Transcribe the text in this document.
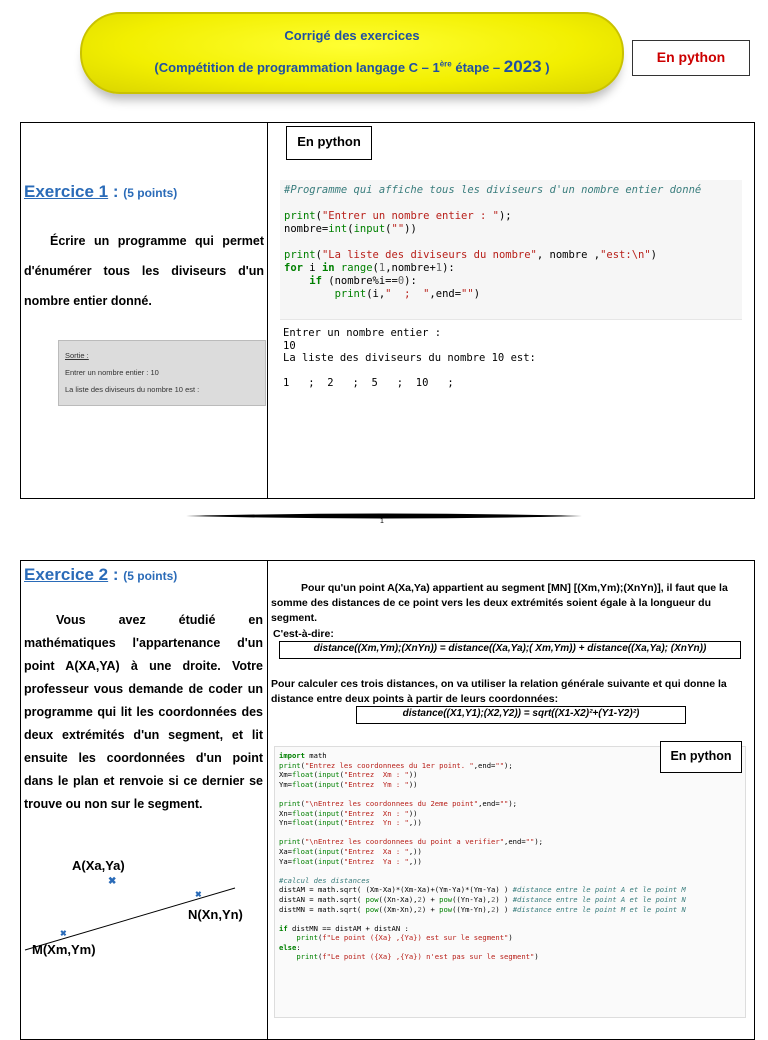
Corrigé des exercices
(Compétition de programmation langage C – 1ère étape – 2023 )
En python
Exercice 1 : (5 points)
Écrire un programme qui permet d'énumérer tous les diviseurs d'un nombre entier donné.
Sortie :
Entrer un nombre entier : 10
La liste des diviseurs du nombre 10 est :
En python
#Programme qui affiche tous les diviseurs d'un nombre entier donné

print("Entrer un nombre entier : ");
nombre=int(input(""))

print("La liste des diviseurs du nombre", nombre ,"est:\n")
for i in range(1,nombre+1):
if (nombre%i==0):
print(i,"  ;  ",end="")
Entrer un nombre entier :
10
La liste des diviseurs du nombre 10 est:

1   ;  2   ;  5   ;  10   ;
1
Exercice 2 : (5 points)
Vous avez étudié en mathématiques l'appartenance d'un point A(XA,YA) à une droite. Votre professeur vous demande de coder un programme qui lit les coordonnées des deux extrémités d'un segment, et lit ensuite les coordonnées d'un point dans le plan et renvoie si ce dernier se trouve ou non sur le segment.
Pour qu'un point A(Xa,Ya) appartient au segment [MN] [(Xm,Ym);(XnYn)], il faut que la somme des distances de ce point vers les deux extrémités soient égale à la longueur du segment.
C'est-à-dire:
distance((Xm,Ym);(XnYn)) = distance((Xa,Ya);( Xm,Ym)) + distance((Xa,Ya); (XnYn))
Pour calculer ces trois distances, on va utiliser la relation générale suivante et qui donne la distance entre deux points à partir de leurs coordonnées:
distance((X1,Y1);(X2,Y2)) = sqrt((X1-X2)²+(Y1-Y2)²)
import math
print("Entrez les coordonnees du 1er point. ",end="");
Xm=float(input("Entrez  Xm : "))
Ym=float(input("Entrez  Ym : "))

print("\nEntrez les coordonnees du 2eme point",end="");
Xn=float(input("Entrez  Xn : "))
Yn=float(input("Entrez  Yn : ",))

print("\nEntrez les coordonnees du point a verifier",end="");
Xa=float(input("Entrez  Xa : ",))
Ya=float(input("Entrez  Ya : ",))

#calcul des distances
distAM = math.sqrt( (Xm-Xa)*(Xm-Xa)+(Ym-Ya)*(Ym-Ya) ) #distance entre le point A et le point M
distAN = math.sqrt( pow((Xn-Xa),2) + pow((Yn-Ya),2) ) #distance entre le point A et le point N
distMN = math.sqrt( pow((Xm-Xn),2) + pow((Ym-Yn),2) ) #distance entre le point M et le point N

if distMN == distAM + distAN :
print(f"Le point ({Xa} ,{Ya}) est sur le segment")
else:
print(f"Le point ({Xa} ,{Ya}) n'est pas sur le segment")
En python
A(Xa,Ya)
✖
✖
N(Xn,Yn)
✖
M(Xm,Ym)
